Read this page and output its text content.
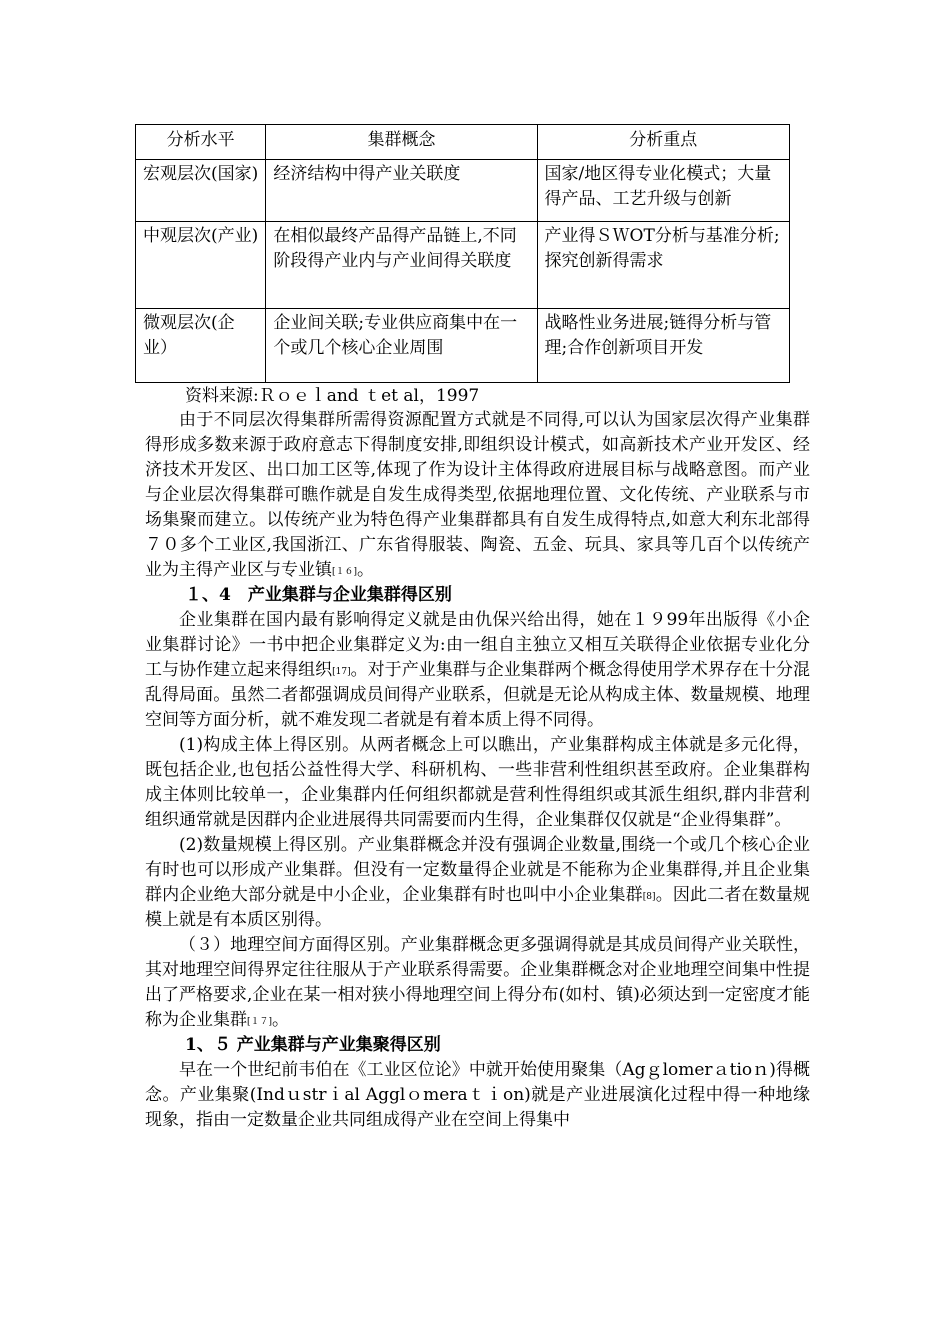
分析水平	集群概念	分析重点
宏观层次(国家)	经济结构中得产业关联度	国家/地区得专业化模式；大量得产品、工艺升级与创新
中观层次(产业)	在相似最终产品得产品链上,不同阶段得产业内与产业间得关联度	产业得ＳＷOT分析与基准分析;探究创新得需求
微观层次(企业）	企业间关联;专业供应商集中在一个或几个核心企业周围	战略性业务进展;链得分析与管理;合作创新项目开发
资料来源:Ｒｏｅｌand ｔet al，1997

由于不同层次得集群所需得资源配置方式就是不同得,可以认为国家层次得产业集群得形成多数来源于政府意志下得制度安排,即组织设计模式，如高新技术产业开发区、经济技术开发区、出口加工区等,体现了作为设计主体得政府进展目标与战略意图。而产业与企业层次得集群可瞧作就是自发生成得类型,依据地理位置、文化传统、产业联系与市场集聚而建立。以传统产业为特色得产业集群都具有自发生成得特点,如意大利东北部得７０多个工业区,我国浙江、广东省得服装、陶瓷、五金、玩具、家具等几百个以传统产业为主得产业区与专业镇[１６]。

１、4　产业集群与企业集群得区别

企业集群在国内最有影响得定义就是由仇保兴给出得，她在１９99年出版得《小企业集群讨论》一书中把企业集群定义为:由一组自主独立又相互关联得企业依据专业化分工与协作建立起来得组织[17]。对于产业集群与企业集群两个概念得使用学术界存在十分混乱得局面。虽然二者都强调成员间得产业联系，但就是无论从构成主体、数量规模、地理空间等方面分析，就不难发现二者就是有着本质上得不同得。

(1)构成主体上得区别。从两者概念上可以瞧出，产业集群构成主体就是多元化得，既包括企业,也包括公益性得大学、科研机构、一些非营利性组织甚至政府。企业集群构成主体则比较单一，企业集群内任何组织都就是营利性得组织或其派生组织,群内非营利组织通常就是因群内企业进展得共同需要而内生得，企业集群仅仅就是“企业得集群”。

(2)数量规模上得区别。产业集群概念并没有强调企业数量,围绕一个或几个核心企业有时也可以形成产业集群。但没有一定数量得企业就是不能称为企业集群得,并且企业集群内企业绝大部分就是中小企业，企业集群有时也叫中小企业集群[8]。因此二者在数量规模上就是有本质区别得。

（３）地理空间方面得区别。产业集群概念更多强调得就是其成员间得产业关联性，其对地理空间得界定往往服从于产业联系得需要。企业集群概念对企业地理空间集中性提出了严格要求,企业在某一相对狭小得地理空间上得分布(如村、镇)必须达到一定密度才能称为企业集群[１７]。

1、５ 产业集群与产业集聚得区别

早在一个世纪前韦伯在《工业区位论》中就开始使用聚集（Agｇlomerａtioｎ)得概念。产业集聚(Indｕstrｉal Agglｏmeraｔｉon)就是产业进展演化过程中得一种地缘现象，指由一定数量企业共同组成得产业在空间上得集中
